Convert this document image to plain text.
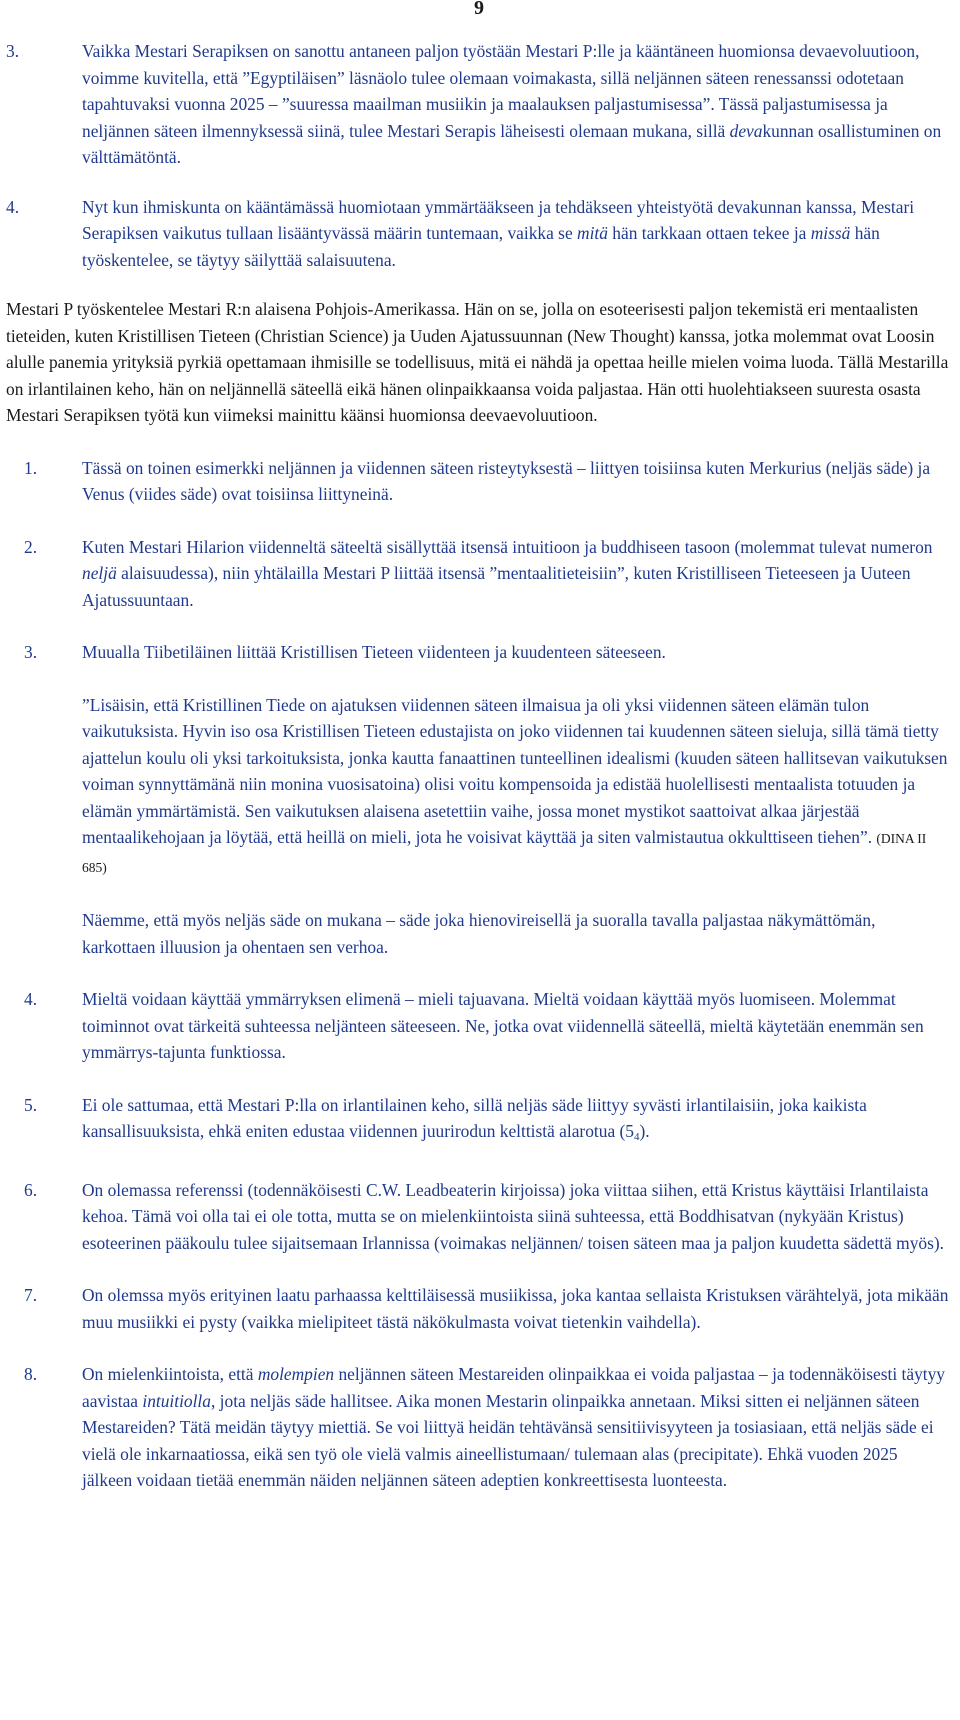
9
3.	Vaikka Mestari Serapiksen on sanottu antaneen paljon työstään Mestari P:lle ja kääntäneen huomionsa devaevoluutioon, voimme kuvitella, että ”Egyptiläisen” läsnäolo tulee olemaan voimakasta, sillä neljännen säteen renessanssi odotetaan tapahtuvaksi vuonna 2025 – ”suuressa maailman musiikin ja maalauksen paljastumisessa”. Tässä paljastumisessa ja neljännen säteen ilmennyksessä siinä, tulee Mestari Serapis läheisesti olemaan mukana, sillä devakunnan osallistuminen on välttämätöntä.
4.	Nyt kun ihmiskunta on kääntämässä huomiotaan ymmärtääkseen ja tehdäkseen yhteistyötä devakunnan kanssa, Mestari Serapiksen vaikutus tullaan lisääntyvässä määrin tuntemaan, vaikka se mitä hän tarkkaan ottaen tekee ja missä hän työskentelee, se täytyy säilyttää salaisuutena.

Mestari P työskentelee Mestari R:n alaisena Pohjois-Amerikassa. Hän on se, jolla on esoteerisesti paljon tekemistä eri mentaalisten tieteiden, kuten Kristillisen Tieteen (Christian Science) ja Uuden Ajatussuunnan (New Thought) kanssa, jotka molemmat ovat Loosin alulle panemia yrityksiä pyrkiä opettamaan ihmisille se todellisuus, mitä ei nähdä ja opettaa heille mielen voima luoda. Tällä Mestarilla on irlantilainen keho, hän on neljännellä säteellä eikä hänen olinpaikkaansa voida paljastaa. Hän otti huolehtiakseen suuresta osasta Mestari Serapiksen työtä kun viimeksi mainittu käänsi huomionsa deevaevoluutioon.

1.	Tässä on toinen esimerkki neljännen ja viidennen säteen risteytyksestä – liittyen toisiinsa kuten Merkurius (neljäs säde) ja Venus (viides säde) ovat toisiinsa liittyneinä.
2.	Kuten Mestari Hilarion viidenneltä säteeltä sisällyttää itsensä intuitioon ja buddhiseen tasoon (molemmat tulevat numeron neljä alaisuudessa), niin yhtälailla Mestari P liittää itsensä ”mentaalitieteisiin”, kuten Kristilliseen Tieteeseen ja Uuteen Ajatussuuntaan.
3.	Muualla Tiibetiläinen liittää Kristillisen Tieteen viidenteen ja kuudenteen säteeseen.
”Lisäisin, että Kristillinen Tiede on ajatuksen viidennen säteen ilmaisua ja oli yksi viidennen säteen elämän tulon vaikutuksista. Hyvin iso osa Kristillisen Tieteen edustajista on joko viidennen tai kuudennen säteen sieluja, sillä tämä tietty ajattelun koulu oli yksi tarkoituksista, jonka kautta fanaattinen tunteellinen idealismi (kuuden säteen hallitsevan vaikutuksen voiman synnyttämänä niin monina vuosisatoina) olisi voitu kompensoida ja edistää huolellisesti mentaalista totuuden ja elämän ymmärtämistä. Sen vaikutuksen alaisena asetettiin vaihe, jossa monet mystikot saattoivat alkaa järjestää mentaalikehojaan ja löytää, että heillä on mieli, jota he voisivat käyttää ja siten valmistautua okkulttiseen tiehen”. (DINA II 685)
Näemme, että myös neljäs säde on mukana – säde joka hienovireisellä ja suoralla tavalla paljastaa näkymättömän, karkottaen illuusion ja ohentaen sen verhoa.
4.	Mieltä voidaan käyttää ymmärryksen elimenä – mieli tajuavana. Mieltä voidaan käyttää myös luomiseen. Molemmat toiminnot ovat tärkeitä suhteessa neljänteen säteeseen. Ne, jotka ovat viidennellä säteellä, mieltä käytetään enemmän sen ymmärrys-tajunta funktiossa.
5.	Ei ole sattumaa, että Mestari P:lla on irlantilainen keho, sillä neljäs säde liittyy syvästi irlantilaisiin, joka kaikista kansallisuuksista, ehkä eniten edustaa viidennen juurirodun kelttistä alarotua $(5_4)$.
6.	On olemassa referenssi (todennäköisesti C.W. Leadbeaterin kirjoissa) joka viittaa siihen, että Kristus käyttäisi Irlantilaista kehoa. Tämä voi olla tai ei ole totta, mutta se on mielenkiintoista siinä suhteessa, että Boddhisatvan (nykyään Kristus) esoteerinen pääkoulu tulee sijaitsemaan Irlannissa (voimakas neljännen/ toisen säteen maa ja paljon kuudetta sädettä myös).
7.	On olemssa myös erityinen laatu parhaassa kelttiläisessä musiikissa, joka kantaa sellaista Kristuksen värähtelyä, jota mikään muu musiikki ei pysty (vaikka mielipiteet tästä näkökulmasta voivat tietenkin vaihdella).
8.	On mielenkiintoista, että molempien neljännen säteen Mestareiden olinpaikkaa ei voida paljastaa – ja todennäköisesti täytyy aavistaa intuitiolla, jota neljäs säde hallitsee. Aika monen Mestarin olinpaikka annetaan. Miksi sitten ei neljännen säteen Mestareiden? Tätä meidän täytyy miettiä. Se voi liittyä heidän tehtävänsä sensitiivisyyteen ja tosiasiaan, että neljäs säde ei vielä ole inkarnaatiossa, eikä sen työ ole vielä valmis aineellistumaan/ tulemaan alas (precipitate). Ehkä vuoden 2025 jälkeen voidaan tietää enemmän näiden neljännen säteen adeptien konkreettisesta luonteesta.
